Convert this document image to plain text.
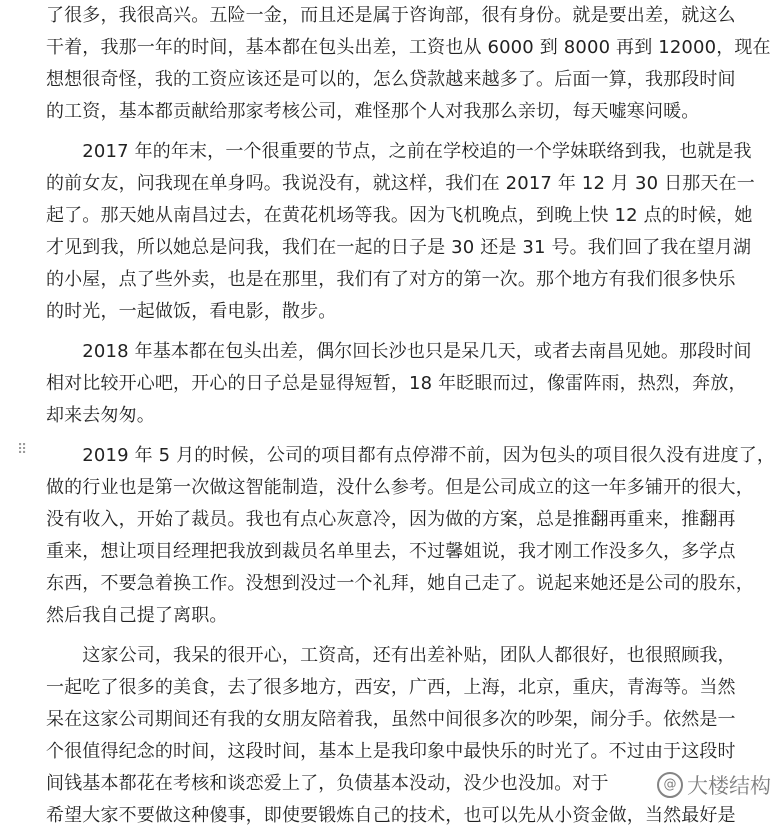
⠿
了很多，我很高兴。五险一金，而且还是属于咨询部，很有身份。就是要出差，就这么
干着，我那一年的时间，基本都在包头出差，工资也从 6000 到 8000 再到 12000，现在
想想很奇怪，我的工资应该还是可以的，怎么贷款越来越多了。后面一算，我那段时间
的工资，基本都贡献给那家考核公司，难怪那个人对我那么亲切，每天嘘寒问暖。
　　2017 年的年末，一个很重要的节点，之前在学校追的一个学妹联络到我，也就是我
的前女友，问我现在单身吗。我说没有，就这样，我们在 2017 年 12 月 30 日那天在一
起了。那天她从南昌过去，在黄花机场等我。因为飞机晚点，到晚上快 12 点的时候，她
才见到我，所以她总是问我，我们在一起的日子是 30 还是 31 号。我们回了我在望月湖
的小屋，点了些外卖，也是在那里，我们有了对方的第一次。那个地方有我们很多快乐
的时光，一起做饭，看电影，散步。
　　2018 年基本都在包头出差，偶尔回长沙也只是呆几天，或者去南昌见她。那段时间
相对比较开心吧，开心的日子总是显得短暂，18 年眨眼而过，像雷阵雨，热烈，奔放，
却来去匆匆。
　　2019 年 5 月的时候，公司的项目都有点停滞不前，因为包头的项目很久没有进度了，
做的行业也是第一次做这智能制造，没什么参考。但是公司成立的这一年多铺开的很大，
没有收入，开始了裁员。我也有点心灰意冷，因为做的方案，总是推翻再重来，推翻再
重来，想让项目经理把我放到裁员名单里去，不过馨姐说，我才刚工作没多久，多学点
东西，不要急着换工作。没想到没过一个礼拜，她自己走了。说起来她还是公司的股东，
然后我自己提了离职。
　　这家公司，我呆的很开心，工资高，还有出差补贴，团队人都很好，也很照顾我，
一起吃了很多的美食，去了很多地方，西安，广西，上海，北京，重庆，青海等。当然
呆在这家公司期间还有我的女朋友陪着我，虽然中间很多次的吵架，闹分手。依然是一
个很值得纪念的时间，这段时间，基本上是我印象中最快乐的时光了。不过由于这段时
间钱基本都花在考核和谈恋爱上了，负债基本没动，没少也没加。对于
希望大家不要做这种傻事，即使要锻炼自己的技术，也可以先从小资金做，当然最好是
@ 大楼结构
